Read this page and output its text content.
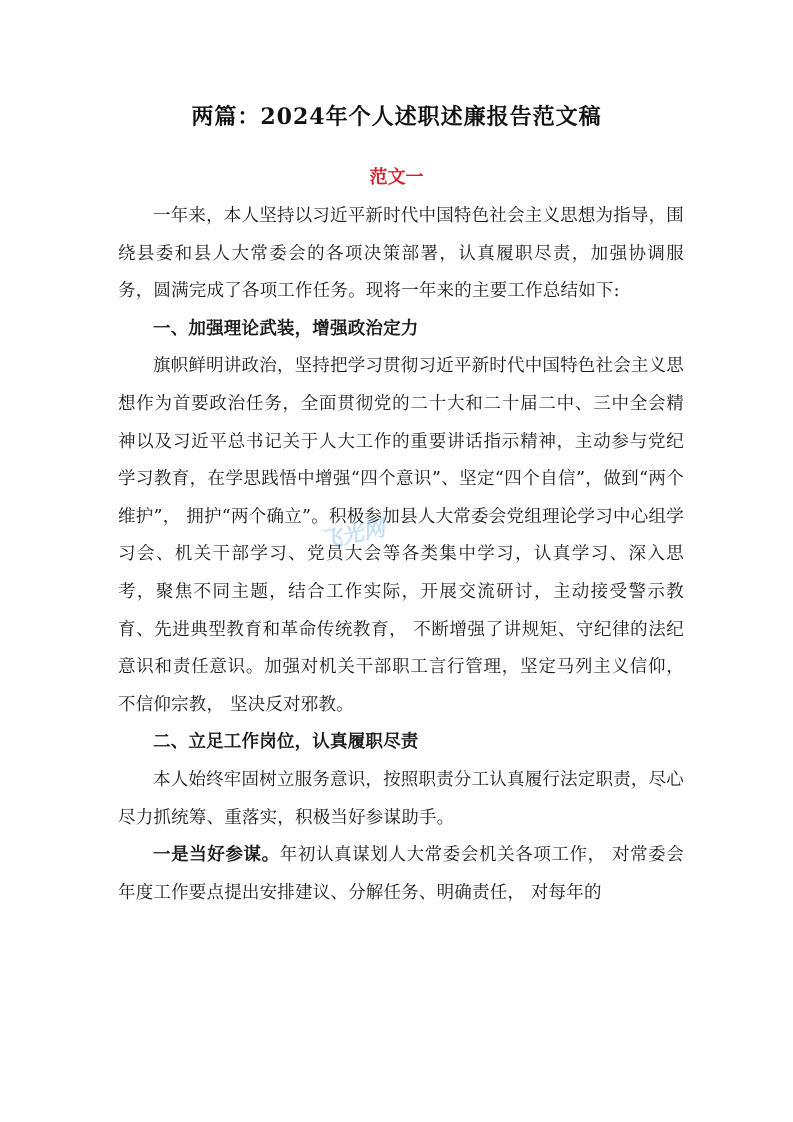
两篇：2024年个人述职述廉报告范文稿
范文一

一年来，本人坚持以习近平新时代中国特色社会主义思想为指导，围绕县委和县人大常委会的各项决策部署，认真履职尽责，加强协调服务，圆满完成了各项工作任务。现将一年来的主要工作总结如下:

一、加强理论武装，增强政治定力

旗帜鲜明讲政治，坚持把学习贯彻习近平新时代中国特色社会主义思想作为首要政治任务，全面贯彻党的二十大和二十届二中、三中全会精神以及习近平总书记关于人大工作的重要讲话指示精神，主动参与党纪学习教育，在学思践悟中增强“四个意识”、坚定“四个自信”，做到“两个维护”， 拥护“两个确立”。积极参加县人大常委会党组理论学习中心组学习会、机关干部学习、党员大会等各类集中学习，认真学习、深入思考，聚焦不同主题，结合工作实际，开展交流研讨，主动接受警示教育、先进典型教育和革命传统教育， 不断增强了讲规矩、守纪律的法纪意识和责任意识。加强对机关干部职工言行管理，坚定马列主义信仰，不信仰宗教， 坚决反对邪教。

二、立足工作岗位，认真履职尽责

本人始终牢固树立服务意识，按照职责分工认真履行法定职责，尽心尽力抓统筹、重落实，积极当好参谋助手。

一是当好参谋。年初认真谋划人大常委会机关各项工作， 对常委会年度工作要点提出安排建议、分解任务、明确责任， 对每年的

飞光网
